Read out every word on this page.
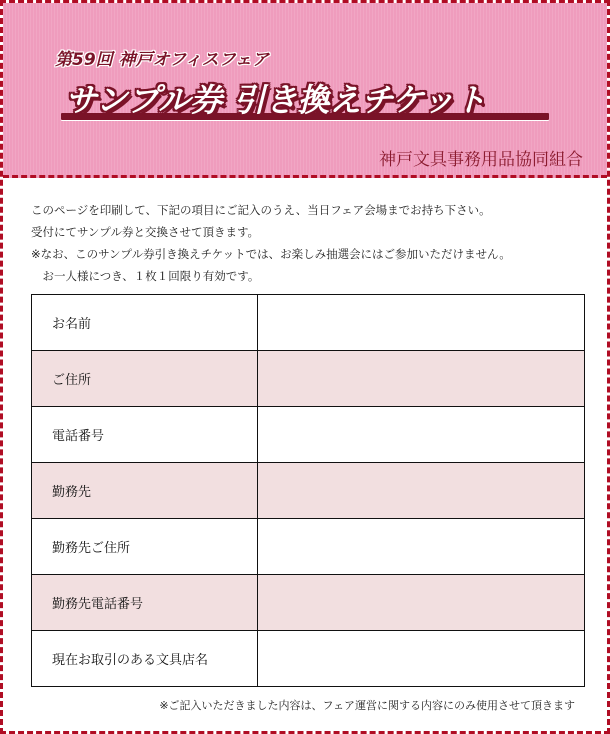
第59回 神戸オフィスフェア
サンプル券 引き換えチケット
神戸文具事務用品協同組合
このページを印刷して、下記の項目にご記入のうえ、当日フェア会場までお持ち下さい。
受付にてサンプル券と交換させて頂きます。
※なお、このサンプル券引き換えチケットでは、お楽しみ抽選会にはご参加いただけません。
　お一人様につき、１枚１回限り有効です。
お名前	
ご住所	
電話番号	
勤務先	
勤務先ご住所	
勤務先電話番号	
現在お取引のある文具店名	
※ご記入いただきました内容は、フェア運営に関する内容にのみ使用させて頂きます
